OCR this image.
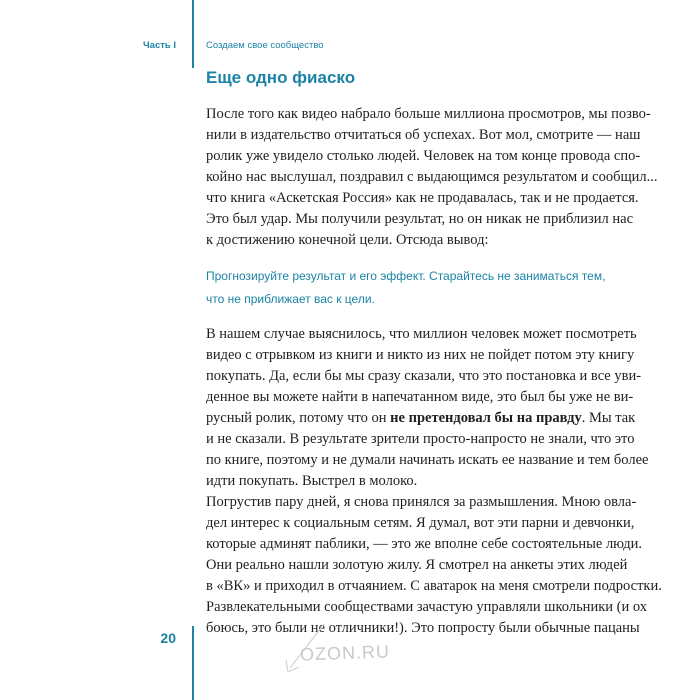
Часть I	Создаем свое сообщество
Еще одно фиаско
После того как видео набрало больше миллиона просмотров, мы позво-
нили в издательство отчитаться об успехах. Вот мол, смотрите — наш
ролик уже увидело столько людей. Человек на том конце провода спо-
койно нас выслушал, поздравил с выдающимся результатом и сообщил...
что книга «Аскетская Россия» как не продавалась, так и не продается.
Это был удар. Мы получили результат, но он никак не приблизил нас
к достижению конечной цели. Отсюда вывод:
Прогнозируйте результат и его эффект. Старайтесь не заниматься тем,
что не приближает вас к цели.
В нашем случае выяснилось, что миллион человек может посмотреть
видео с отрывком из книги и никто из них не пойдет потом эту книгу
покупать. Да, если бы мы сразу сказали, что это постановка и все уви-
денное вы можете найти в напечатанном виде, это был бы уже не ви-
русный ролик, потому что он не претендовал бы на правду. Мы так
и не сказали. В результате зрители просто-напросто не знали, что это
по книге, поэтому и не думали начинать искать ее название и тем более
идти покупать. Выстрел в молоко.
Погрустив пару дней, я снова принялся за размышления. Мною овла-
дел интерес к социальным сетям. Я думал, вот эти парни и девчонки,
которые админят паблики, — это же вполне себе состоятельные люди.
Они реально нашли золотую жилу. Я смотрел на анкеты этих людей
в «ВК» и приходил в отчаянием. С аватарок на меня смотрели подростки.
Развлекательными сообществами зачастую управляли школьники (и ох
боюсь, это были не отличники!). Это попросту были обычные пацаны
20
OZON.RU
